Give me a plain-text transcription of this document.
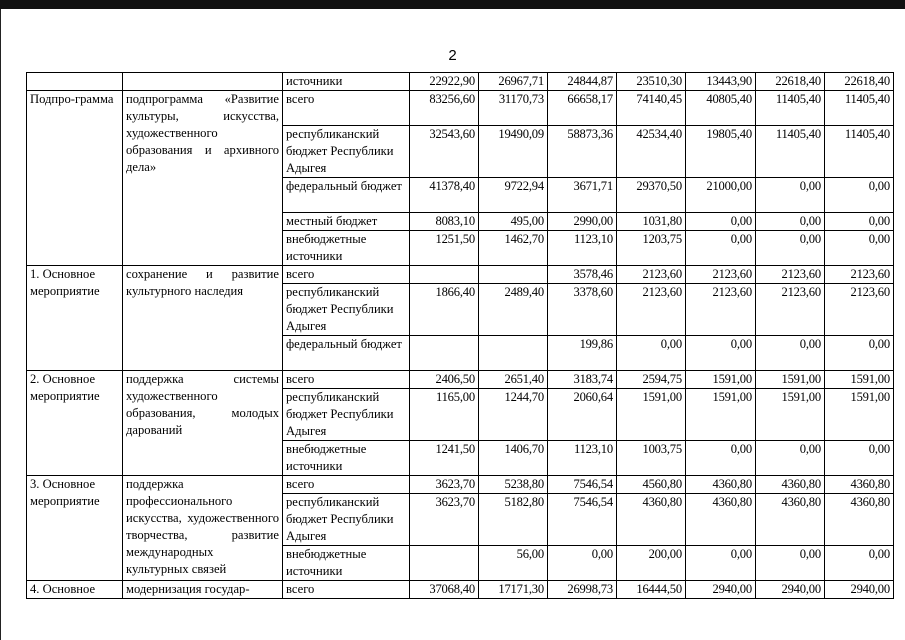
2
		источники	22922,90	26967,71	24844,87	23510,30	13443,90	22618,40	22618,40
Подпро-грамма	подпрограмма «Развитие культуры, искусства, художественного образования и архивного дела»	всего	83256,60	31170,73	66658,17	74140,45	40805,40	11405,40	11405,40
		республиканский бюджет Республики Адыгея	32543,60	19490,09	58873,36	42534,40	19805,40	11405,40	11405,40
		федеральный бюджет	41378,40	9722,94	3671,71	29370,50	21000,00	0,00	0,00
		местный бюджет	8083,10	495,00	2990,00	1031,80	0,00	0,00	0,00
		внебюджетные источники	1251,50	1462,70	1123,10	1203,75	0,00	0,00	0,00
1. Основное мероприятие	сохранение и развитие культурного наследия	всего			3578,46	2123,60	2123,60	2123,60	2123,60
		республиканский бюджет Республики Адыгея	1866,40	2489,40	3378,60	2123,60	2123,60	2123,60	2123,60
		федеральный бюджет			199,86	0,00	0,00	0,00	0,00
2. Основное мероприятие	поддержка системы художественного образования, молодых дарований	всего	2406,50	2651,40	3183,74	2594,75	1591,00	1591,00	1591,00
		республиканский бюджет Республики Адыгея	1165,00	1244,70	2060,64	1591,00	1591,00	1591,00	1591,00
		внебюджетные источники	1241,50	1406,70	1123,10	1003,75	0,00	0,00	0,00
3. Основное мероприятие	поддержка профессионального искусства, художественного творчества, развитие международных культурных связей	всего	3623,70	5238,80	7546,54	4560,80	4360,80	4360,80	4360,80
		республиканский бюджет Республики Адыгея	3623,70	5182,80	7546,54	4360,80	4360,80	4360,80	4360,80
		внебюджетные источники		56,00	0,00	200,00	0,00	0,00	0,00
4. Основное	модернизация государ-	всего	37068,40	17171,30	26998,73	16444,50	2940,00	2940,00	2940,00
